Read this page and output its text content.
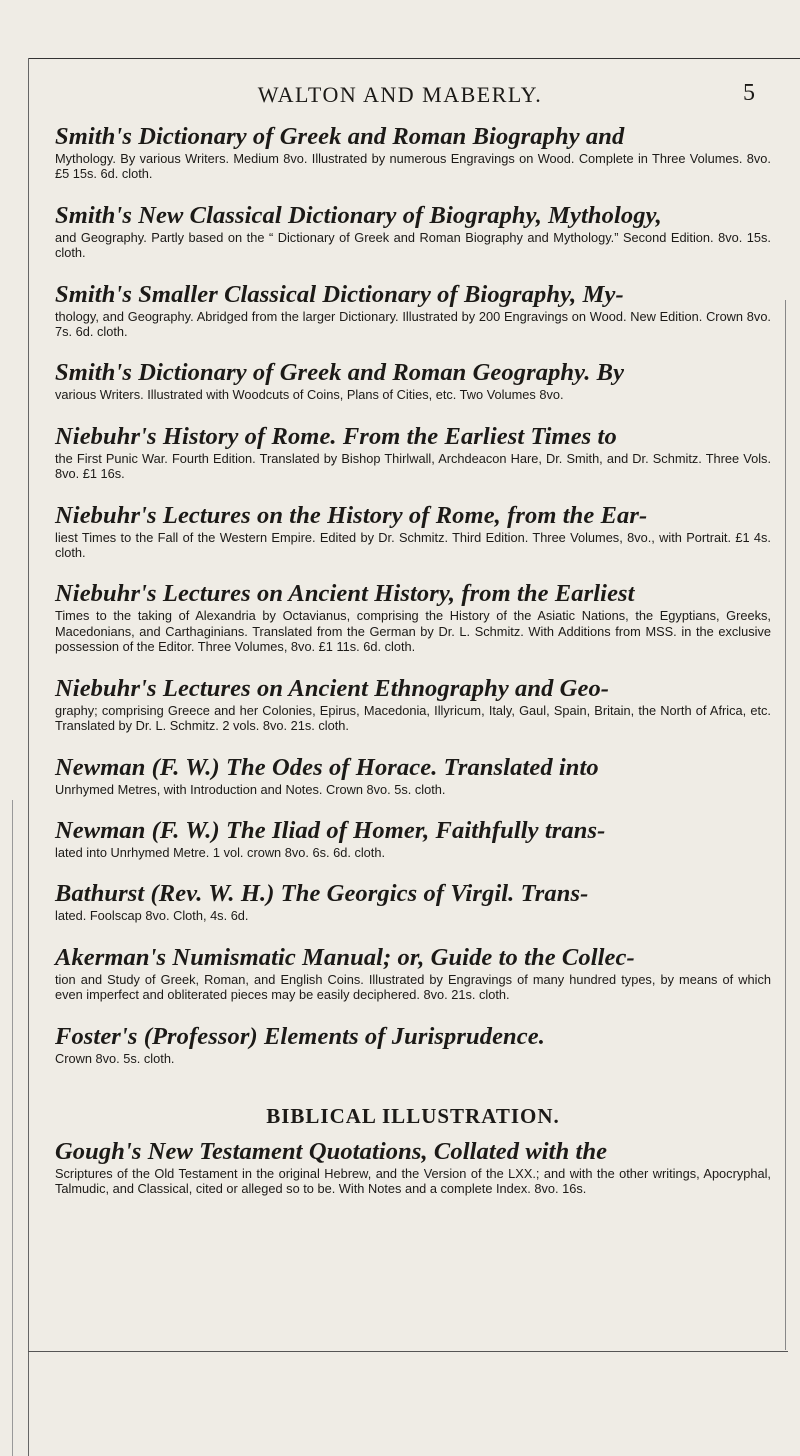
WALTON AND MABERLY.	5
Smith's Dictionary of Greek and Roman Biography and
Mythology. By various Writers. Medium 8vo. Illustrated by numerous Engravings on Wood. Complete in Three Volumes. 8vo. £5 15s. 6d. cloth.
Smith's New Classical Dictionary of Biography, Mythology,
and Geography. Partly based on the “ Dictionary of Greek and Roman Biography and Mythology.” Second Edition. 8vo. 15s. cloth.
Smith's Smaller Classical Dictionary of Biography, My-
thology, and Geography. Abridged from the larger Dictionary. Illustrated by 200 Engravings on Wood. New Edition. Crown 8vo. 7s. 6d. cloth.
Smith's Dictionary of Greek and Roman Geography. By
various Writers. Illustrated with Woodcuts of Coins, Plans of Cities, etc. Two Volumes 8vo.
Niebuhr's History of Rome. From the Earliest Times to
the First Punic War. Fourth Edition. Translated by Bishop Thirlwall, Archdeacon Hare, Dr. Smith, and Dr. Schmitz. Three Vols. 8vo. £1 16s.
Niebuhr's Lectures on the History of Rome, from the Ear-
liest Times to the Fall of the Western Empire. Edited by Dr. Schmitz. Third Edition. Three Volumes, 8vo., with Portrait. £1 4s. cloth.
Niebuhr's Lectures on Ancient History, from the Earliest
Times to the taking of Alexandria by Octavianus, comprising the History of the Asiatic Nations, the Egyptians, Greeks, Macedonians, and Carthaginians. Translated from the German by Dr. L. Schmitz. With Additions from MSS. in the exclusive possession of the Editor. Three Volumes, 8vo. £1 11s. 6d. cloth.
Niebuhr's Lectures on Ancient Ethnography and Geo-
graphy; comprising Greece and her Colonies, Epirus, Macedonia, Illyricum, Italy, Gaul, Spain, Britain, the North of Africa, etc. Translated by Dr. L. Schmitz. 2 vols. 8vo. 21s. cloth.
Newman (F. W.) The Odes of Horace. Translated into
Unrhymed Metres, with Introduction and Notes. Crown 8vo. 5s. cloth.
Newman (F. W.) The Iliad of Homer, Faithfully trans-
lated into Unrhymed Metre. 1 vol. crown 8vo. 6s. 6d. cloth.
Bathurst (Rev. W. H.) The Georgics of Virgil. Trans-
lated. Foolscap 8vo. Cloth, 4s. 6d.
Akerman's Numismatic Manual; or, Guide to the Collec-
tion and Study of Greek, Roman, and English Coins. Illustrated by Engravings of many hundred types, by means of which even imperfect and obliterated pieces may be easily deciphered. 8vo. 21s. cloth.
Foster's (Professor) Elements of Jurisprudence.
Crown 8vo. 5s. cloth.
BIBLICAL ILLUSTRATION.
Gough's New Testament Quotations, Collated with the
Scriptures of the Old Testament in the original Hebrew, and the Version of the LXX.; and with the other writings, Apocryphal, Talmudic, and Classical, cited or alleged so to be. With Notes and a complete Index. 8vo. 16s.
